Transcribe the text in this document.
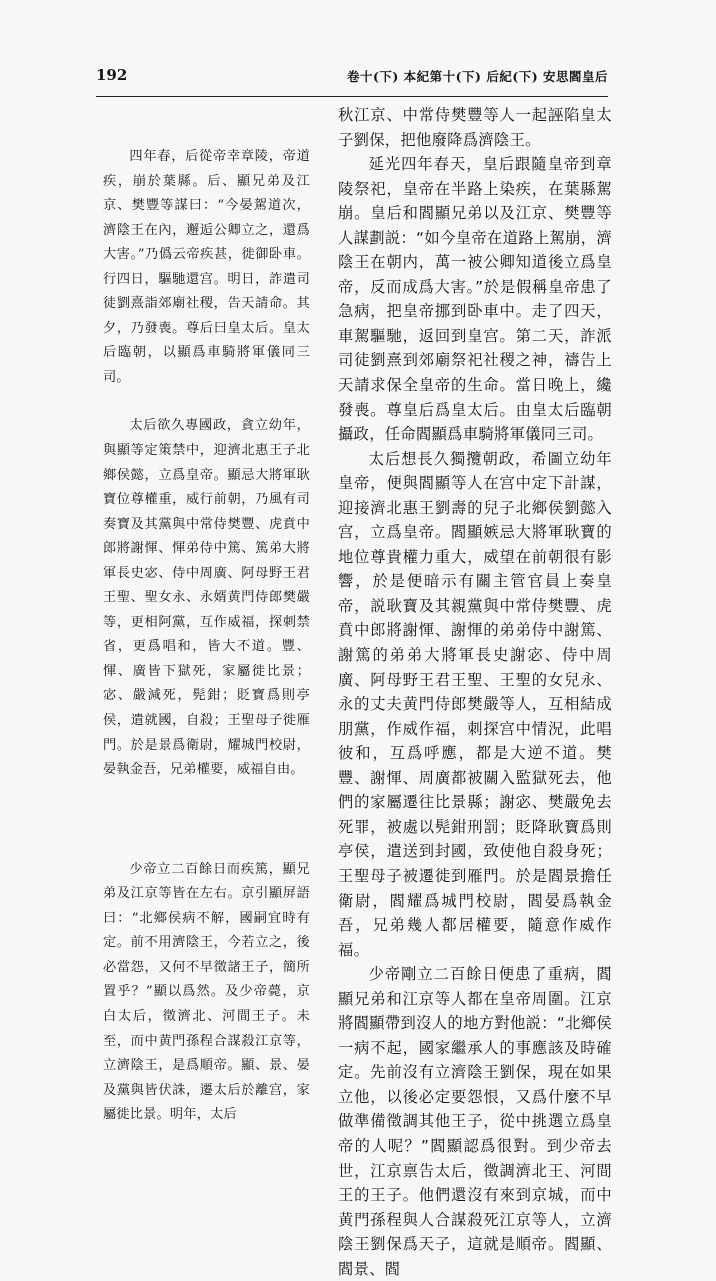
192	卷十(下) 本紀第十(下) 后紀(下) 安思閻皇后

四年春，后從帝幸章陵，帝道疾，崩於葉縣。后、顯兄弟及江京、樊豐等謀曰：“今晏駕道次，濟陰王在內，邂逅公卿立之，還爲大害。”乃僞云帝疾甚，徙御卧車。行四日，驅馳還宫。明日，詐遣司徒劉熹詣郊廟社稷，告天請命。其夕，乃發喪。尊后曰皇太后。皇太后臨朝，以顯爲車騎將軍儀同三司。

太后欲久專國政，貪立幼年，與顯等定策禁中，迎濟北惠王子北鄉侯懿，立爲皇帝。顯忌大將軍耿寶位尊權重，威行前朝，乃風有司奏寶及其黨與中常侍樊豐、虎賁中郎將謝惲、惲弟侍中篤、篤弟大將軍長史宓、侍中周廣、阿母野王君王聖、聖女永、永婿黄門侍郎樊嚴等，更相阿黨，互作威福，探刺禁省，更爲唱和，皆大不道。豐、惲、廣皆下獄死，家屬徙比景；宓、嚴減死，髡鉗；貶寶爲則亭侯，遣就國，自殺；王聖母子徙雁門。於是景爲衛尉，耀城門校尉，晏執金吾，兄弟權要，威福自由。

少帝立二百餘日而疾篤，顯兄弟及江京等皆在左右。京引顯屏語曰：“北鄉侯病不解，國嗣宜時有定。前不用濟陰王，今若立之，後必當怨，又何不早徵諸王子，簡所置乎？”顯以爲然。及少帝薨，京白太后，徵濟北、河間王子。未至，而中黄門孫程合謀殺江京等，立濟陰王，是爲順帝。顯、景、晏及黨與皆伏誅，遷太后於離宫，家屬徙比景。明年，太后

秋江京、中常侍樊豐等人一起誣陷皇太子劉保，把他廢降爲濟陰王。

延光四年春天，皇后跟隨皇帝到章陵祭祀，皇帝在半路上染疾，在葉縣駕崩。皇后和閻顯兄弟以及江京、樊豐等人謀劃説：“如今皇帝在道路上駕崩，濟陰王在朝内，萬一被公卿知道後立爲皇帝，反而成爲大害。”於是假稱皇帝患了急病，把皇帝挪到卧車中。走了四天，車駕驅馳，返回到皇宫。第二天，詐派司徒劉熹到郊廟祭祀社稷之神，禱告上天請求保全皇帝的生命。當日晚上，纔發喪。尊皇后爲皇太后。由皇太后臨朝攝政，任命閻顯爲車騎將軍儀同三司。

太后想長久獨攬朝政，希圖立幼年皇帝，便與閻顯等人在宫中定下計謀，迎接濟北惠王劉壽的兒子北鄉侯劉懿入宫，立爲皇帝。閻顯嫉忌大將軍耿寶的地位尊貴權力重大，威望在前朝很有影響，於是便暗示有關主管官員上奏皇帝，説耿寶及其親黨與中常侍樊豐、虎賁中郎將謝惲、謝惲的弟弟侍中謝篤、謝篤的弟弟大將軍長史謝宓、侍中周廣、阿母野王君王聖、王聖的女兒永、永的丈夫黄門侍郎樊嚴等人，互相結成朋黨，作威作福，刺探宫中情況，此唱彼和，互爲呼應，都是大逆不道。樊豐、謝惲、周廣都被關入監獄死去，他們的家屬遷往比景縣；謝宓、樊嚴免去死罪，被處以髡鉗刑罰；貶降耿寶爲則亭侯，遣送到封國，致使他自殺身死；王聖母子被遷徙到雁門。於是閻景擔任衛尉，閻耀爲城門校尉，閻晏爲執金吾，兄弟幾人都居權要，隨意作威作福。

少帝剛立二百餘日便患了重病，閻顯兄弟和江京等人都在皇帝周圍。江京將閻顯帶到沒人的地方對他説：“北鄉侯一病不起，國家繼承人的事應該及時確定。先前沒有立濟陰王劉保，現在如果立他，以後必定要怨恨，又爲什麼不早做準備徵調其他王子，從中挑選立爲皇帝的人呢？”閻顯認爲很對。到少帝去世，江京禀告太后，徵調濟北王、河間王的王子。他們還沒有來到京城，而中黄門孫程與人合謀殺死江京等人，立濟陰王劉保爲天子，這就是順帝。閻顯、閻景、閻
